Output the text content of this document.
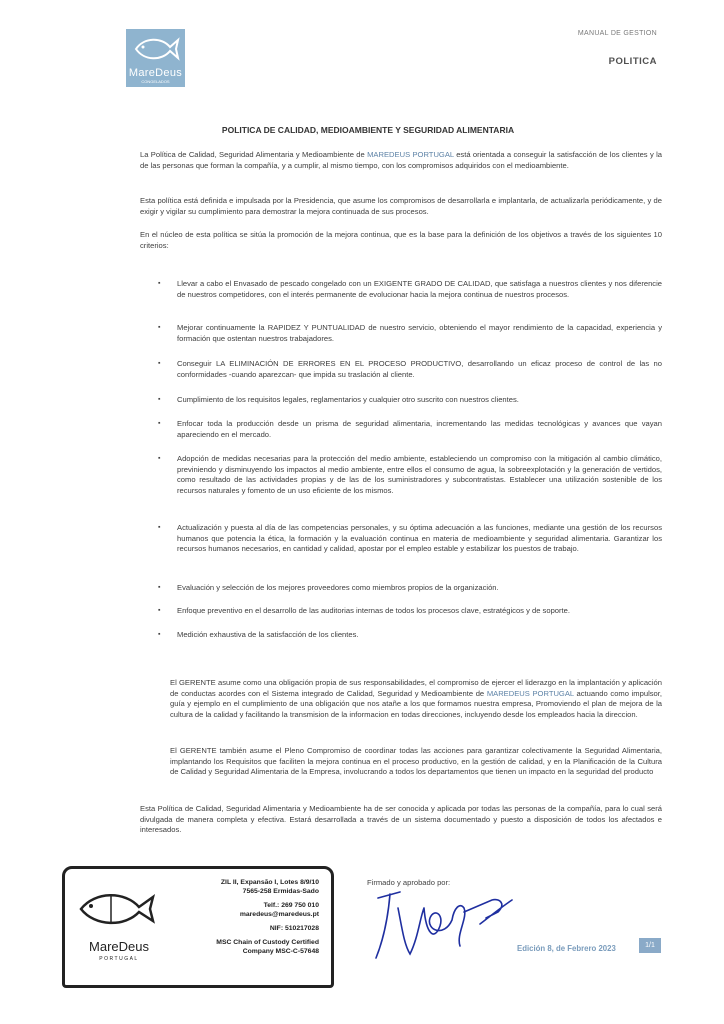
MareDeus
CONGELADOS
MANUAL DE GESTION
POLITICA
POLITICA DE CALIDAD, MEDIOAMBIENTE Y SEGURIDAD ALIMENTARIA
La Política de Calidad, Seguridad Alimentaria y Medioambiente de MAREDEUS PORTUGAL está orientada a conseguir la satisfacción de los clientes y la de las personas que forman la compañía, y a cumplir, al mismo tiempo, con los compromisos adquiridos con el medioambiente.
Esta política está definida e impulsada por la Presidencia, que asume los compromisos de desarrollarla e implantarla, de actualizarla periódicamente, y de exigir y vigilar su cumplimiento para demostrar la mejora continuada de sus procesos.
En el núcleo de esta política se sitúa la promoción de la mejora continua, que es la base para la definición de los objetivos a través de los siguientes 10 criterios:
▪ Llevar a cabo el Envasado de pescado congelado con un EXIGENTE GRADO DE CALIDAD, que satisfaga a nuestros clientes y nos diferencie de nuestros competidores, con el interés permanente de evolucionar hacia la mejora continua de nuestros procesos.
▪ Mejorar continuamente la RAPIDEZ Y PUNTUALIDAD de nuestro servicio, obteniendo el mayor rendimiento de la capacidad, experiencia y formación que ostentan nuestros trabajadores.
▪ Conseguir LA ELIMINACIÓN DE ERRORES EN EL PROCESO PRODUCTIVO, desarrollando un eficaz proceso de control de las no conformidades -cuando aparezcan- que impida su traslación al cliente.
▪ Cumplimiento de los requisitos legales, reglamentarios y cualquier otro suscrito con nuestros clientes.
▪ Enfocar toda la producción desde un prisma de seguridad alimentaria, incrementando las medidas tecnológicas y avances que vayan apareciendo en el mercado.
▪ Adopción de medidas necesarias para la protección del medio ambiente, estableciendo un compromiso con la mitigación al cambio climático, previniendo y disminuyendo los impactos al medio ambiente, entre ellos el consumo de agua, la sobreexplotación y la generación de vertidos, como resultado de las actividades propias y de las de los suministradores y subcontratistas. Establecer una utilización sostenible de los recursos naturales y fomento de un uso eficiente de los mismos.
▪ Actualización y puesta al día de las competencias personales, y su óptima adecuación a las funciones, mediante una gestión de los recursos humanos que potencia la ética, la formación y la evaluación continua en materia de medioambiente y seguridad alimentaria. Garantizar los recursos humanos necesarios, en cantidad y calidad, apostar por el empleo estable y estabilizar los puestos de trabajo.
▪ Evaluación y selección de los mejores proveedores como miembros propios de la organización.
▪ Enfoque preventivo en el desarrollo de las auditorias internas de todos los procesos clave, estratégicos y de soporte.
▪ Medición exhaustiva de la satisfacción de los clientes.
El GERENTE asume como una obligación propia de sus responsabilidades, el compromiso de ejercer el liderazgo en la implantación y aplicación de conductas acordes con el Sistema integrado de Calidad, Seguridad y Medioambiente de MAREDEUS PORTUGAL actuando como impulsor, guía y ejemplo en el cumplimiento de una obligación que nos atañe a los que formamos nuestra empresa, Promoviendo el plan de mejora de la cultura de la calidad y facilitando la transmision de la informacion en todas direcciones, incluyendo desde los empleados hacia la direccion.
El GERENTE también asume el Pleno Compromiso de coordinar todas las acciones para garantizar colectivamente la Seguridad Alimentaria, implantando los Requisitos que faciliten la mejora continua en el proceso productivo, en la gestión de calidad, y en la Planificación de la Cultura de Calidad y Seguridad Alimentaria de la Empresa, involucrando a todos los departamentos que tienen un impacto en la seguridad del producto
Esta Política de Calidad, Seguridad Alimentaria y Medioambiente ha de ser conocida y aplicada por todas las personas de la compañía, para lo cual será divulgada de manera completa y efectiva. Estará desarrollada a través de un sistema documentado y puesto a disposición de todos los afectados e interesados.
MareDeus
PORTUGAL
ZIL II, Expansão I, Lotes 8/9/10
7565-258 Ermidas-Sado
Telf.: 269 750 010
maredeus@maredeus.pt
NIF: 510217028
MSC Chain of Custody Certified
Company MSC-C-57648
Firmado y aprobado por:
Edición 8, de Febrero 2023	1/1
